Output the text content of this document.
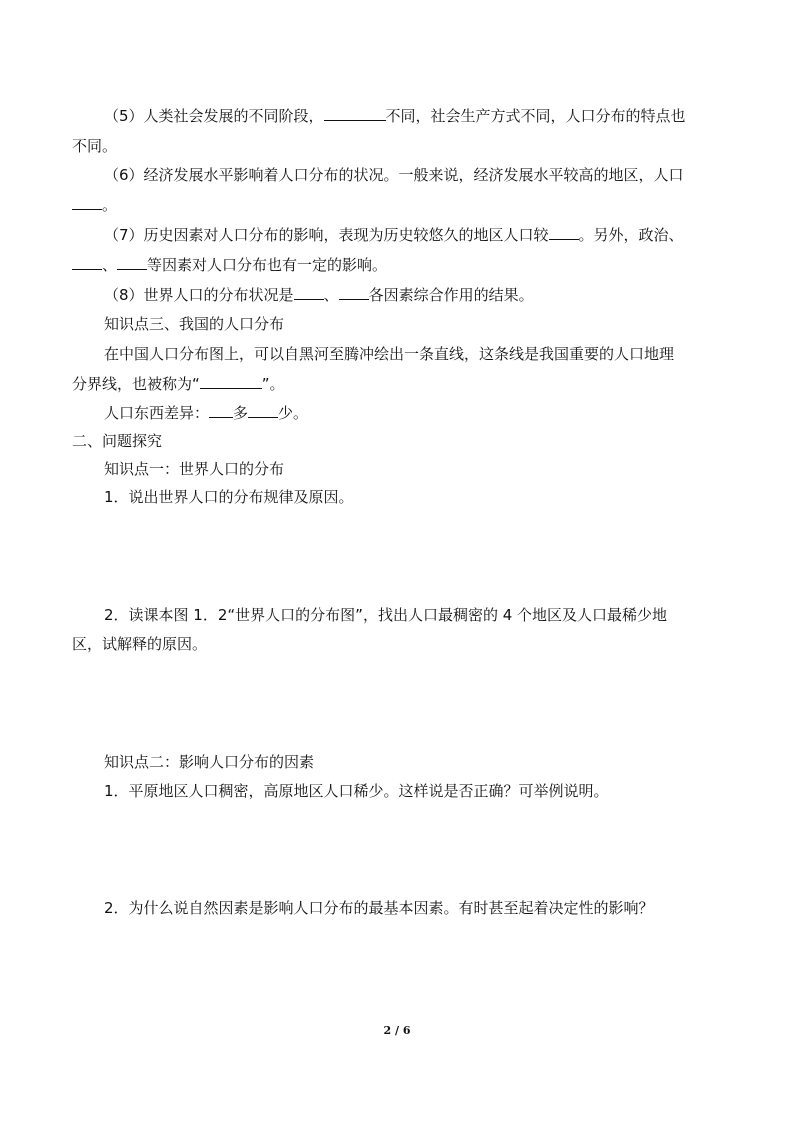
（5）人类社会发展的不同阶段，	不同，社会生产方式不同，人口分布的特点也
不同。
（6）经济发展水平影响着人口分布的状况。一般来说，经济发展水平较高的地区，人口
。
（7）历史因素对人口分布的影响，表现为历史较悠久的地区人口较 。另外，政治、
、 等因素对人口分布也有一定的影响。
（8）世界人口的分布状况是 、 各因素综合作用的结果。
知识点三、我国的人口分布
在中国人口分布图上，可以自黑河至腾冲绘出一条直线，这条线是我国重要的人口地理
分界线，也被称为“	”。
人口东西差异： 多 少。
二、问题探究
知识点一：世界人口的分布
1．说出世界人口的分布规律及原因。
2．读课本图 1．2“世界人口的分布图”，找出人口最稠密的 4 个地区及人口最稀少地
区，试解释的原因。
知识点二：影响人口分布的因素
1．平原地区人口稠密，高原地区人口稀少。这样说是否正确？可举例说明。
2．为什么说自然因素是影响人口分布的最基本因素。有时甚至起着决定性的影响？
2 / 6
